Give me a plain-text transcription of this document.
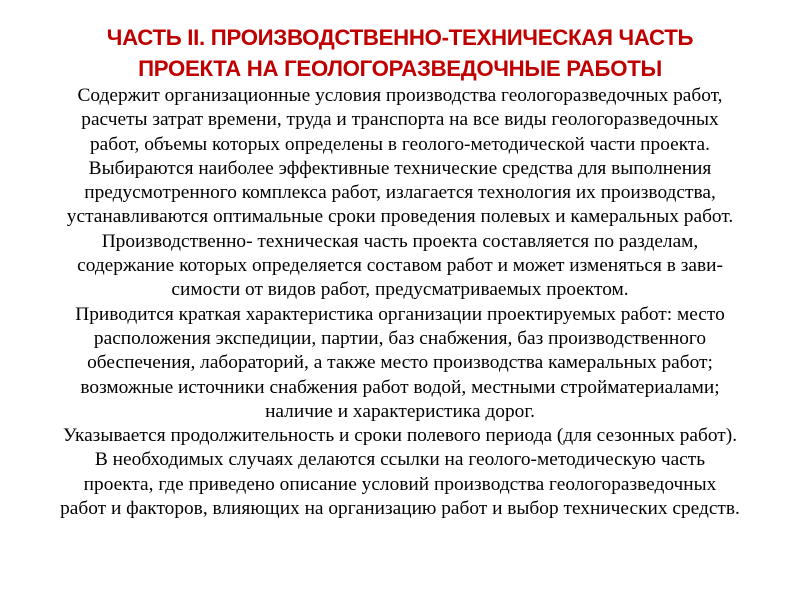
ЧАСТЬ II. ПРОИЗВОДСТВЕННО-ТЕХНИЧЕСКАЯ ЧАСТЬ
ПРОЕКТА НА ГЕОЛОГОРАЗВЕДОЧНЫЕ РАБОТЫ
Содержит организационные условия производства геологоразведочных работ,
расчеты затрат времени, труда и транспорта на все виды геологоразведочных
работ, объемы которых определены в геолого-методической части проекта.
Выбираются наиболее эффективные технические средства для выполнения
предусмотренного комплекса работ, излагается технология их производства,
устанавливаются оптимальные сроки проведения полевых и камеральных работ.
Производственно- техническая часть проекта составляется по разделам,
содержание которых определяется составом работ и может изменяться в зави-
симости от видов работ, предусматриваемых проектом.
Приводится краткая характеристика организации проектируемых работ: место
расположения экспедиции, партии, баз снабжения, баз производственного
обеспечения, лабораторий, а также место производства камеральных работ;
возможные источники снабжения работ водой, местными стройматериалами;
наличие и характеристика дорог.
Указывается продолжительность и сроки полевого периода (для сезонных работ).
В необходимых случаях делаются ссылки на геолого-методическую часть
проекта, где приведено описание условий производства геологоразведочных
работ и факторов, влияющих на организацию работ и выбор технических средств.
